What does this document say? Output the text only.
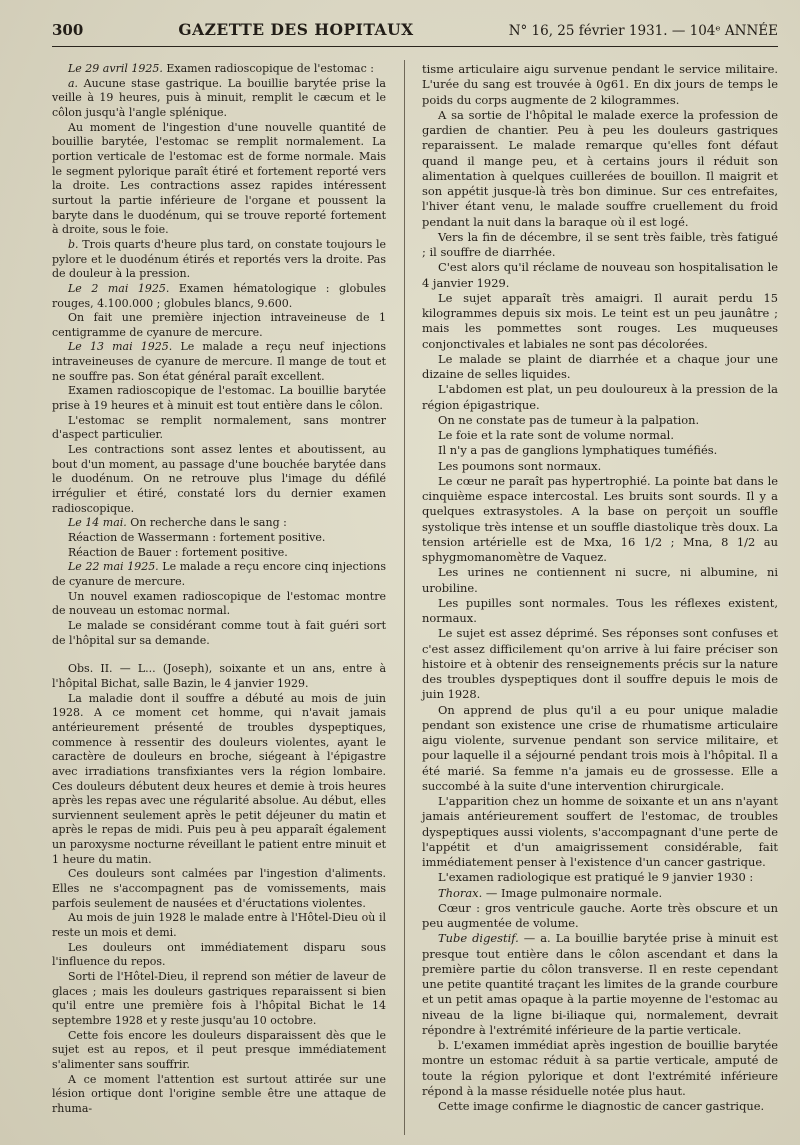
300	GAZETTE DES HOPITAUX	N° 16, 25 février 1931. — 104ᵉ ANNÉE

Le 29 avril 1925. Examen radioscopique de l'estomac :

a. Aucune stase gastrique. La bouillie barytée prise la veille à 19 heures, puis à minuit, remplit le cæcum et le côlon jusqu'à l'angle splénique.

Au moment de l'ingestion d'une nouvelle quantité de bouillie barytée, l'estomac se remplit normalement. La portion verticale de l'estomac est de forme normale. Mais le segment pylorique paraît étiré et fortement reporté vers la droite. Les contractions assez rapides intéressent surtout la partie inférieure de l'organe et poussent la baryte dans le duodénum, qui se trouve reporté fortement à droite, sous le foie.

b. Trois quarts d'heure plus tard, on constate toujours le pylore et le duodénum étirés et reportés vers la droite. Pas de douleur à la pression.

Le 2 mai 1925. Examen hématologique : globules rouges, 4.100.000 ; globules blancs, 9.600.

On fait une première injection intraveineuse de 1 centigramme de cyanure de mercure.

Le 13 mai 1925. Le malade a reçu neuf injections intraveineuses de cyanure de mercure. Il mange de tout et ne souffre pas. Son état général paraît excellent.

Examen radioscopique de l'estomac. La bouillie barytée prise à 19 heures et à minuit est tout entière dans le côlon.

L'estomac se remplit normalement, sans montrer d'aspect particulier.

Les contractions sont assez lentes et aboutissent, au bout d'un moment, au passage d'une bouchée barytée dans le duodénum. On ne retrouve plus l'image du défilé irrégulier et étiré, constaté lors du dernier examen radioscopique.

Le 14 mai. On recherche dans le sang :

Réaction de Wassermann : fortement positive.

Réaction de Bauer : fortement positive.

Le 22 mai 1925. Le malade a reçu encore cinq injections de cyanure de mercure.

Un nouvel examen radioscopique de l'estomac montre de nouveau un estomac normal.

Le malade se considérant comme tout à fait guéri sort de l'hôpital sur sa demande.

Obs. II. — L... (Joseph), soixante et un ans, entre à l'hôpital Bichat, salle Bazin, le 4 janvier 1929.

La maladie dont il souffre a débuté au mois de juin 1928. A ce moment cet homme, qui n'avait jamais antérieurement présenté de troubles dyspeptiques, commence à ressentir des douleurs violentes, ayant le caractère de douleurs en broche, siégeant à l'épigastre avec irradiations transfixiantes vers la région lombaire. Ces douleurs débutent deux heures et demie à trois heures après les repas avec une régularité absolue. Au début, elles surviennent seulement après le petit déjeuner du matin et après le repas de midi. Puis peu à peu apparaît également un paroxysme nocturne réveillant le patient entre minuit et 1 heure du matin.

Ces douleurs sont calmées par l'ingestion d'aliments. Elles ne s'accompagnent pas de vomissements, mais parfois seulement de nausées et d'éructations violentes.

Au mois de juin 1928 le malade entre à l'Hôtel-Dieu où il reste un mois et demi.

Les douleurs ont immédiatement disparu sous l'influence du repos.

Sorti de l'Hôtel-Dieu, il reprend son métier de laveur de glaces ; mais les douleurs gastriques reparaissent si bien qu'il entre une première fois à l'hôpital Bichat le 14 septembre 1928 et y reste jusqu'au 10 octobre.

Cette fois encore les douleurs disparaissent dès que le sujet est au repos, et il peut presque immédiatement s'alimenter sans souffrir.

A ce moment l'attention est surtout attirée sur une lésion ortique dont l'origine semble être une attaque de rhuma-

tisme articulaire aigu survenue pendant le service militaire. L'urée du sang est trouvée à 0g61. En dix jours de temps le poids du corps augmente de 2 kilogrammes.

A sa sortie de l'hôpital le malade exerce la profession de gardien de chantier. Peu à peu les douleurs gastriques reparaissent. Le malade remarque qu'elles font défaut quand il mange peu, et à certains jours il réduit son alimentation à quelques cuillerées de bouillon. Il maigrit et son appétit jusque-là très bon diminue. Sur ces entrefaites, l'hiver étant venu, le malade souffre cruellement du froid pendant la nuit dans la baraque où il est logé.

Vers la fin de décembre, il se sent très faible, très fatigué ; il souffre de diarrhée.

C'est alors qu'il réclame de nouveau son hospitalisation le 4 janvier 1929.

Le sujet apparaît très amaigri. Il aurait perdu 15 kilogrammes depuis six mois. Le teint est un peu jaunâtre ; mais les pommettes sont rouges. Les muqueuses conjonctivales et labiales ne sont pas décolorées.

Le malade se plaint de diarrhée et a chaque jour une dizaine de selles liquides.

L'abdomen est plat, un peu douloureux à la pression de la région épigastrique.

On ne constate pas de tumeur à la palpation.

Le foie et la rate sont de volume normal.

Il n'y a pas de ganglions lymphatiques tuméfiés.

Les poumons sont normaux.

Le cœur ne paraît pas hypertrophié. La pointe bat dans le cinquième espace intercostal. Les bruits sont sourds. Il y a quelques extrasystoles. A la base on perçoit un souffle systolique très intense et un souffle diastolique très doux. La tension artérielle est de Mxa, 16 1/2 ; Mna, 8 1/2 au sphygmomanomètre de Vaquez.

Les urines ne contiennent ni sucre, ni albumine, ni urobiline.

Les pupilles sont normales. Tous les réflexes existent, normaux.

Le sujet est assez déprimé. Ses réponses sont confuses et c'est assez difficilement qu'on arrive à lui faire préciser son histoire et à obtenir des renseignements précis sur la nature des troubles dyspeptiques dont il souffre depuis le mois de juin 1928.

On apprend de plus qu'il a eu pour unique maladie pendant son existence une crise de rhumatisme articulaire aigu violente, survenue pendant son service militaire, et pour laquelle il a séjourné pendant trois mois à l'hôpital. Il a été marié. Sa femme n'a jamais eu de grossesse. Elle a succombé à la suite d'une intervention chirurgicale.

L'apparition chez un homme de soixante et un ans n'ayant jamais antérieurement souffert de l'estomac, de troubles dyspeptiques aussi violents, s'accompagnant d'une perte de l'appétit et d'un amaigrissement considérable, fait immédiatement penser à l'existence d'un cancer gastrique.

L'examen radiologique est pratiqué le 9 janvier 1930 :

Thorax. — Image pulmonaire normale.

Cœur : gros ventricule gauche. Aorte très obscure et un peu augmentée de volume.

Tube digestif. — a. La bouillie barytée prise à minuit est presque tout entière dans le côlon ascendant et dans la première partie du côlon transverse. Il en reste cependant une petite quantité traçant les limites de la grande courbure et un petit amas opaque à la partie moyenne de l'estomac au niveau de la ligne bi-iliaque qui, normalement, devrait répondre à l'extrémité inférieure de la partie verticale.

b. L'examen immédiat après ingestion de bouillie barytée montre un estomac réduit à sa partie verticale, amputé de toute la région pylorique et dont l'extrémité inférieure répond à la masse résiduelle notée plus haut.

Cette image confirme le diagnostic de cancer gastrique.
